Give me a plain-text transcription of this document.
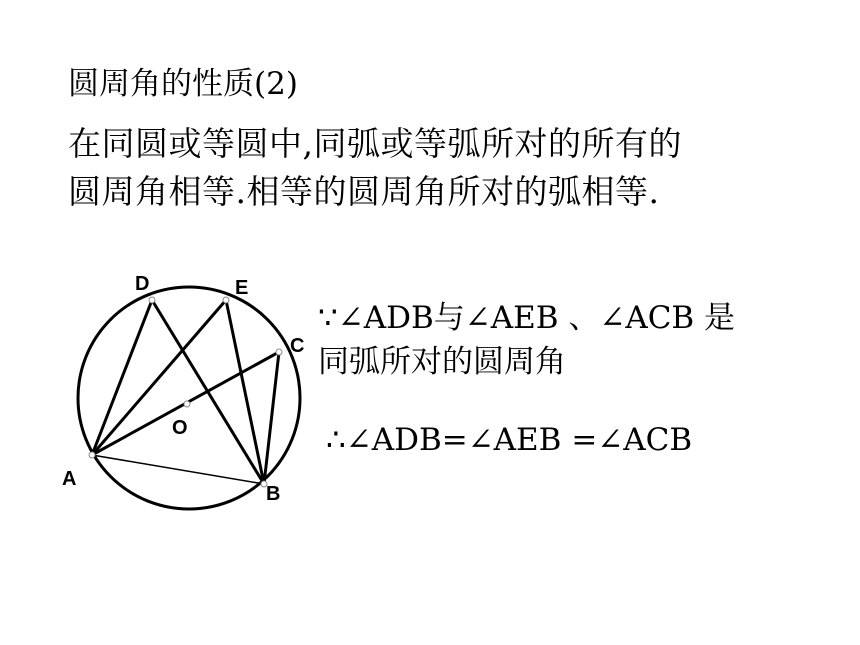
圆周角的性质(2)
在同圆或等圆中,同弧或等弧所对的所有的
圆周角相等.相等的圆周角所对的弧相等.
A
B
C
D	E
O
∵∠ADB与∠AEB 、∠ACB 是
同弧所对的圆周角
∴∠ADB=∠AEB =∠ACB
